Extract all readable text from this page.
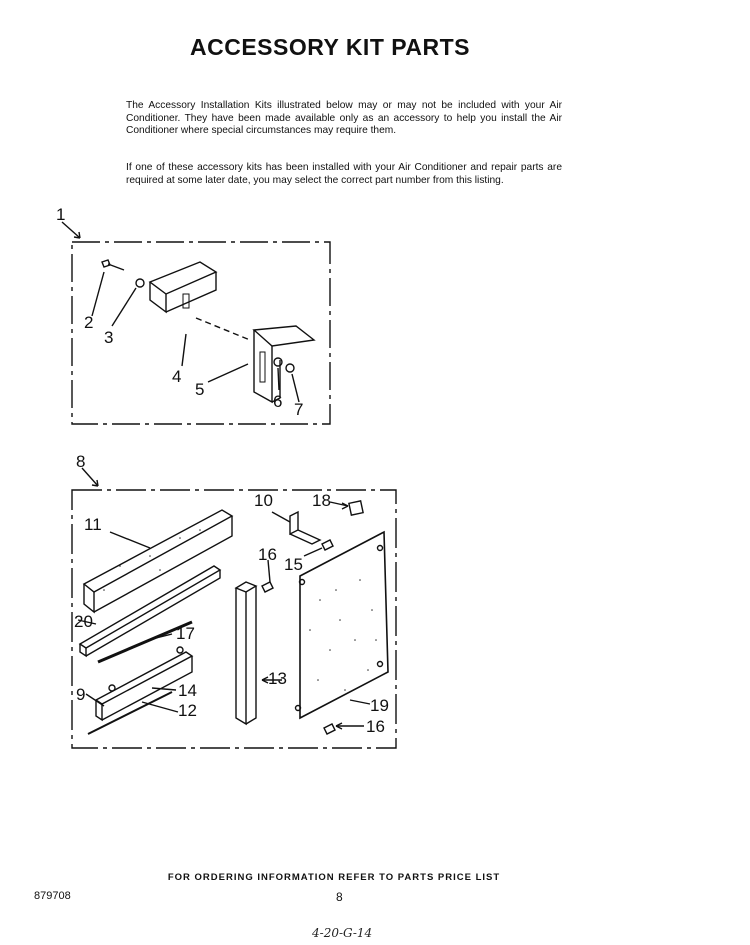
ACCESSORY KIT PARTS

The Accessory Installation Kits illustrated below may or may not be included with your Air Conditioner. They have been made available only as an accessory to help you install the Air Conditioner where special circumstances may require them.

If one of these accessory kits has been installed with your Air Conditioner and repair parts are required at some later date, you may select the correct part number from this listing.

1
2
3
4
5
6 7
8
11
10 18
16
15
20
17
13
9	14
12	19
16
FOR ORDERING INFORMATION REFER TO PARTS PRICE LIST
879708	8
4-20-G-14
